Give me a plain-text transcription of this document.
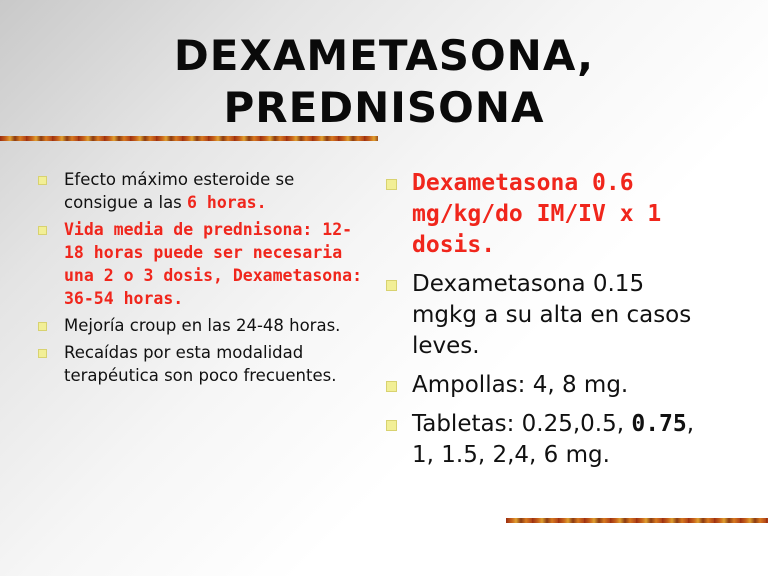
DEXAMETASONA,
PREDNISONA
Efecto máximo esteroide se consigue a las 6 horas.
Vida media de prednisona: 12-18 horas puede ser necesaria una 2 o 3 dosis, Dexametasona: 36-54 horas.
Mejoría croup en las 24-48 horas.
Recaídas por esta modalidad terapéutica son poco frecuentes.
Dexametasona 0.6 mg/kg/do IM/IV x 1 dosis.
Dexametasona 0.15 mgkg a su alta en casos leves.
Ampollas: 4, 8 mg.
Tabletas: 0.25,0.5, 0.75, 1, 1.5, 2,4, 6 mg.
